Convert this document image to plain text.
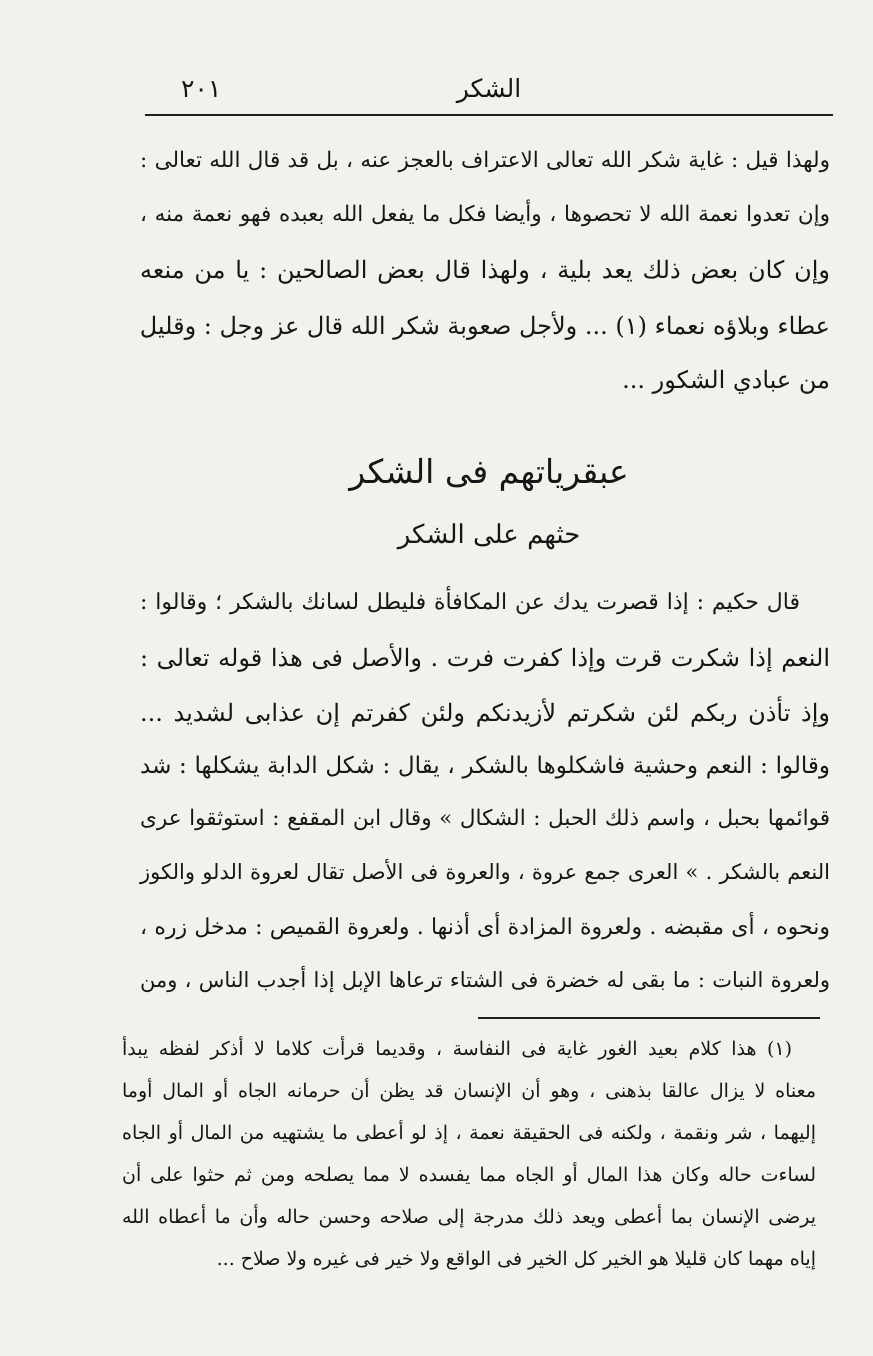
الشكر
٢٠١
ولهذا قيل : غاية شكر الله تعالى الاعتراف بالعجز عنه ، بل قد قال الله تعالى :
وإن تعدوا نعمة الله لا تحصوها ، وأيضا فكل ما يفعل الله بعبده فهو نعمة منه ،
وإن كان بعض ذلك يعد بلية ، ولهذا قال بعض الصالحين : يا من منعه
عطاء وبلاؤه نعماء (١) ... ولأجل صعوبة شكر الله قال عز وجل : وقليل
من عبادي الشكور ...
عبقرياتهم فى الشكر
حثهم على الشكر
قال حكيم : إذا قصرت يدك عن المكافأة فليطل لسانك بالشكر ؛ وقالوا :
النعم إذا شكرت قرت وإذا كفرت فرت . والأصل فى هذا قوله تعالى :
وإذ تأذن ربكم لئن شكرتم لأزيدنكم ولئن كفرتم إن عذابى لشديد ...
وقالوا : النعم وحشية فاشكلوها بالشكر ، يقال : شكل الدابة يشكلها : شد
قوائمها بحبل ، واسم ذلك الحبل : الشكال » وقال ابن المقفع : استوثقوا عرى
النعم بالشكر . » العرى جمع عروة ، والعروة فى الأصل تقال لعروة الدلو والكوز
ونحوه ، أى مقبضه . ولعروة المزادة أى أذنها . ولعروة القميص : مدخل زره ،
ولعروة النبات : ما بقى له خضرة فى الشتاء ترعاها الإبل إذا أجدب الناس ، ومن
(١) هذا كلام بعيد الغور غاية فى النفاسة ، وقديما قرأت كلاما لا أذكر لفظه يبدأ
معناه لا يزال عالقا بذهنى ، وهو أن الإنسان قد يظن أن حرمانه الجاه أو المال أوما
إليهما ، شر ونقمة ، ولكنه فى الحقيقة نعمة ، إذ لو أعطى ما يشتهيه من المال أو الجاه
لساءت حاله وكان هذا المال أو الجاه مما يفسده لا مما يصلحه ومن ثم حثوا على أن
يرضى الإنسان بما أعطى ويعد ذلك مدرجة إلى صلاحه وحسن حاله وأن ما أعطاه الله
إياه مهما كان قليلا هو الخير كل الخير فى الواقع ولا خير فى غيره ولا صلاح ...
